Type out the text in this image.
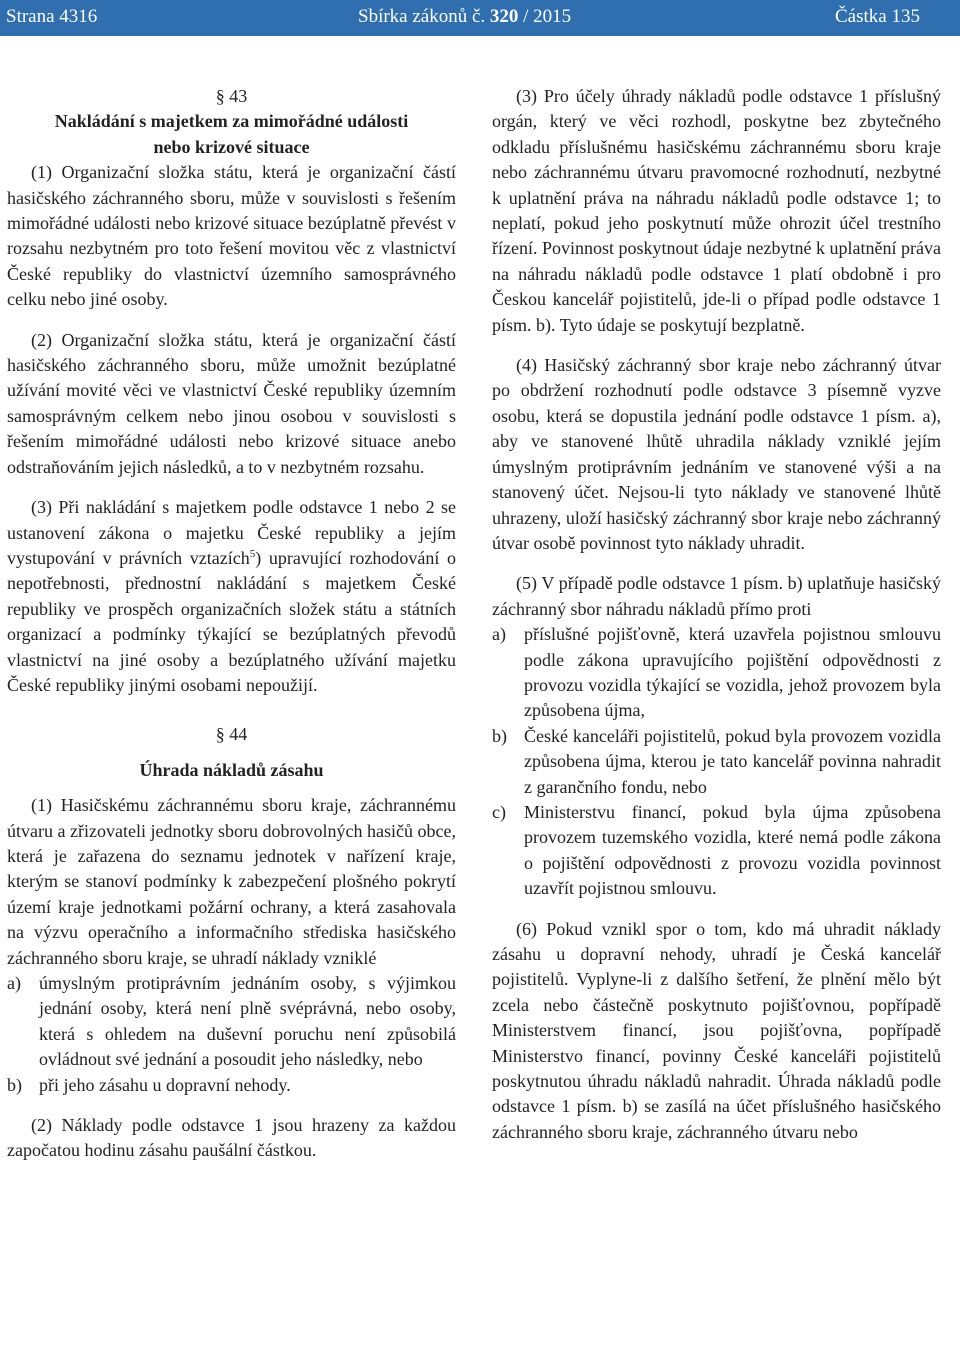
Strana 4316	Sbírka zákonů č. 320 / 2015	Částka 135

§ 43

Nakládání s majetkem za mimořádné události

nebo krizové situace

(1) Organizační složka státu, která je organizační částí hasičského záchranného sboru, může v souvislosti s řešením mimořádné události nebo krizové situace bezúplatně převést v rozsahu nezbytném pro toto řešení movitou věc z vlastnictví České republiky do vlastnictví územního samosprávného celku nebo jiné osoby.

(2) Organizační složka státu, která je organizační částí hasičského záchranného sboru, může umožnit bezúplatné užívání movité věci ve vlastnictví České republiky územním samosprávným celkem nebo jinou osobou v souvislosti s řešením mimořádné události nebo krizové situace anebo odstraňováním jejich následků, a to v nezbytném rozsahu.

(3) Při nakládání s majetkem podle odstavce 1 nebo 2 se ustanovení zákona o majetku České republiky a jejím vystupování v právních vztazích$^5$) upravující rozhodování o nepotřebnosti, přednostní nakládání s majetkem České republiky ve prospěch organizačních složek státu a státních organizací a podmínky týkající se bezúplatných převodů vlastnictví na jiné osoby a bezúplatného užívání majetku České republiky jinými osobami nepoužijí.

§ 44

Úhrada nákladů zásahu

(1) Hasičskému záchrannému sboru kraje, záchrannému útvaru a zřizovateli jednotky sboru dobrovolných hasičů obce, která je zařazena do seznamu jednotek v nařízení kraje, kterým se stanoví podmínky k zabezpečení plošného pokrytí území kraje jednotkami požární ochrany, a která zasahovala na výzvu operačního a informačního střediska hasičského záchranného sboru kraje, se uhradí náklady vzniklé

a)	úmyslným protiprávním jednáním osoby, s výjimkou jednání osoby, která není plně svéprávná, nebo osoby, která s ohledem na duševní poruchu není způsobilá ovládnout své jednání a posoudit jeho následky, nebo
b) při jeho zásahu u dopravní nehody.

(2) Náklady podle odstavce 1 jsou hrazeny za každou započatou hodinu zásahu paušální částkou.

(3) Pro účely úhrady nákladů podle odstavce 1 příslušný orgán, který ve věci rozhodl, poskytne bez zbytečného odkladu příslušnému hasičskému záchrannému sboru kraje nebo záchrannému útvaru pravomocné rozhodnutí, nezbytné k uplatnění práva na náhradu nákladů podle odstavce 1; to neplatí, pokud jeho poskytnutí může ohrozit účel trestního řízení. Povinnost poskytnout údaje nezbytné k uplatnění práva na náhradu nákladů podle odstavce 1 platí obdobně i pro Českou kancelář pojistitelů, jde-li o případ podle odstavce 1 písm. b). Tyto údaje se poskytují bezplatně.

(4) Hasičský záchranný sbor kraje nebo záchranný útvar po obdržení rozhodnutí podle odstavce 3 písemně vyzve osobu, která se dopustila jednání podle odstavce 1 písm. a), aby ve stanovené lhůtě uhradila náklady vzniklé jejím úmyslným protiprávním jednáním ve stanovené výši a na stanovený účet. Nejsou-li tyto náklady ve stanovené lhůtě uhrazeny, uloží hasičský záchranný sbor kraje nebo záchranný útvar osobě povinnost tyto náklady uhradit.

(5) V případě podle odstavce 1 písm. b) uplatňuje hasičský záchranný sbor náhradu nákladů přímo proti

a)	příslušné pojišťovně, která uzavřela pojistnou smlouvu podle zákona upravujícího pojištění odpovědnosti z provozu vozidla týkající se vozidla, jehož provozem byla způsobena újma,
b) České kanceláři pojistitelů, pokud byla provozem vozidla způsobena újma, kterou je tato kancelář povinna nahradit z garančního fondu, nebo
c)	Ministerstvu financí, pokud byla újma způsobena provozem tuzemského vozidla, které nemá podle zákona o pojištění odpovědnosti z provozu vozidla povinnost uzavřít pojistnou smlouvu.

(6) Pokud vznikl spor o tom, kdo má uhradit náklady zásahu u dopravní nehody, uhradí je Česká kancelář pojistitelů. Vyplyne-li z dalšího šetření, že plnění mělo být zcela nebo částečně poskytnuto pojišťovnou, popřípadě Ministerstvem financí, jsou pojišťovna, popřípadě Ministerstvo financí, povinny České kanceláři pojistitelů poskytnutou úhradu nákladů nahradit. Úhrada nákladů podle odstavce 1 písm. b) se zasílá na účet příslušného hasičského záchranného sboru kraje, záchranného útvaru nebo
